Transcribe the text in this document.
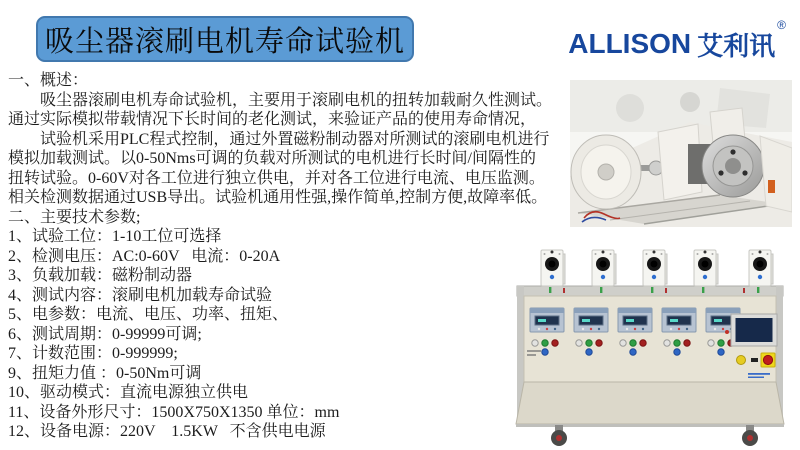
吸尘器滚刷电机寿命试验机	ALLISON 艾利讯
®
一、概述：
　　吸尘器滚刷电机寿命试验机，主要用于滚刷电机的扭转加载耐久性测试。
通过实际模拟带载情况下长时间的老化测试，来验证产品的使用寿命情况，
　　试验机采用PLC程式控制，通过外置磁粉制动器对所测试的滚刷电机进行
模拟加载测试。以0-50Nms可调的负载对所测试的电机进行长时间/间隔性的
扭转试验。0-60V对各工位进行独立供电，并对各工位进行电流、电压监测。
相关检测数据通过USB导出。试验机通用性强,操作简单,控制方便,故障率低。
二、主要技术参数;
1、试验工位：1-10工位可选择
2、检测电压：AC:0-60V   电流：0-20A
3、负载加载：磁粉制动器
4、测试内容：滚刷电机加载寿命试验
5、电参数：电流、电压、功率、扭矩、
6、测试周期：0-99999可调;
7、计数范围：0-999999;
9、扭矩力值 ：0-50Nm可调
10、驱动模式：直流电源独立供电
11、设备外形尺寸：1500X750X1350 单位：mm
12、设备电源：220V    1.5KW   不含供电电源
